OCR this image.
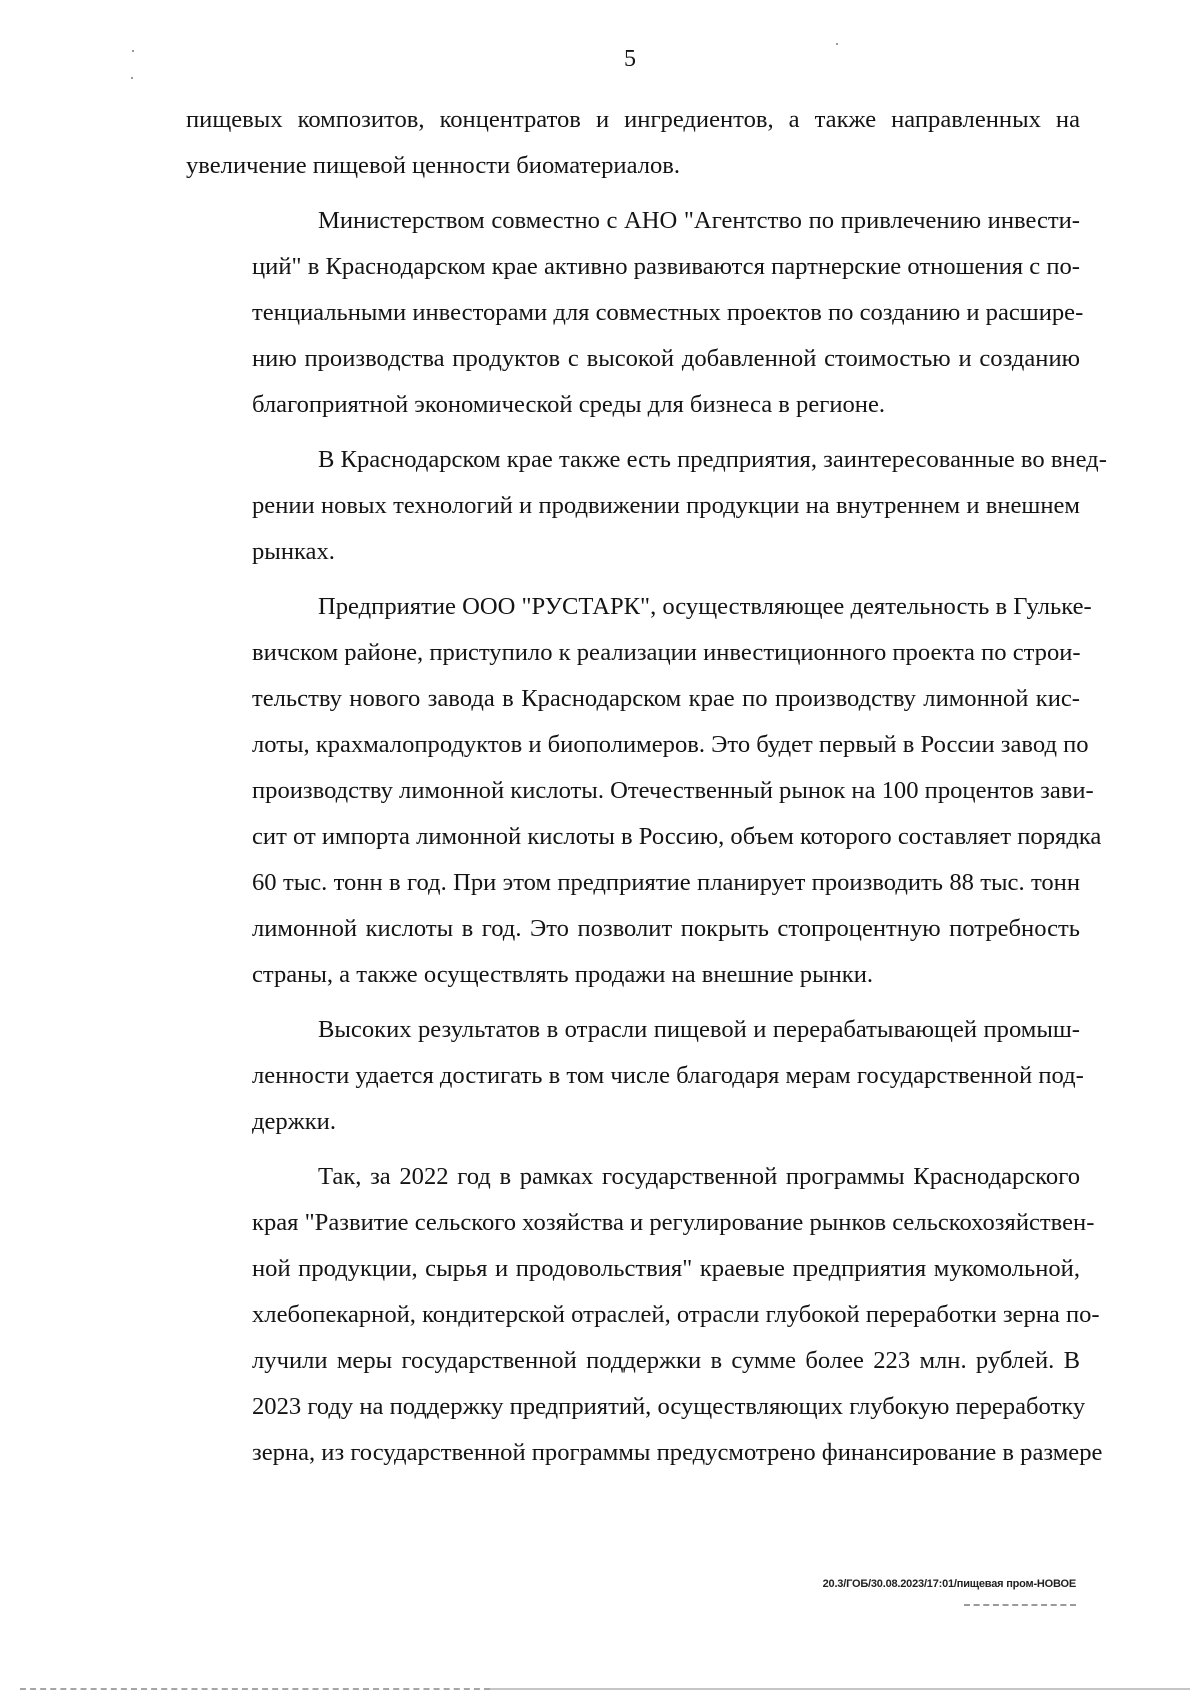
5
пищевых композитов, концентратов и ингредиентов, а также направленных на
увеличение пищевой ценности биоматериалов.
Министерством совместно с АНО "Агентство по привлечению инвести-
ций" в Краснодарском крае активно развиваются партнерские отношения с по-
тенциальными инвесторами для совместных проектов по созданию и расшире-
нию производства продуктов с высокой добавленной стоимостью и созданию
благоприятной экономической среды для бизнеса в регионе.
В Краснодарском крае также есть предприятия, заинтересованные во внед-
рении новых технологий и продвижении продукции на внутреннем и внешнем
рынках.
Предприятие ООО "РУСТАРК", осуществляющее деятельность в Гульке-
вичском районе, приступило к реализации инвестиционного проекта по строи-
тельству нового завода в Краснодарском крае по производству лимонной кис-
лоты, крахмалопродуктов и биополимеров. Это будет первый в России завод по
производству лимонной кислоты. Отечественный рынок на 100 процентов зави-
сит от импорта лимонной кислоты в Россию, объем которого составляет порядка
60 тыс. тонн в год. При этом предприятие планирует производить 88 тыс. тонн
лимонной кислоты в год. Это позволит покрыть стопроцентную потребность
страны, а также осуществлять продажи на внешние рынки.
Высоких результатов в отрасли пищевой и перерабатывающей промыш-
ленности удается достигать в том числе благодаря мерам государственной под-
держки.
Так, за 2022 год в рамках государственной программы Краснодарского
края "Развитие сельского хозяйства и регулирование рынков сельскохозяйствен-
ной продукции, сырья и продовольствия" краевые предприятия мукомольной,
хлебопекарной, кондитерской отраслей, отрасли глубокой переработки зерна по-
лучили меры государственной поддержки в сумме более 223 млн. рублей. В
2023 году на поддержку предприятий, осуществляющих глубокую переработку
зерна, из государственной программы предусмотрено финансирование в размере
20.3/ГОБ/30.08.2023/17:01/пищевая пром-НОВОЕ
